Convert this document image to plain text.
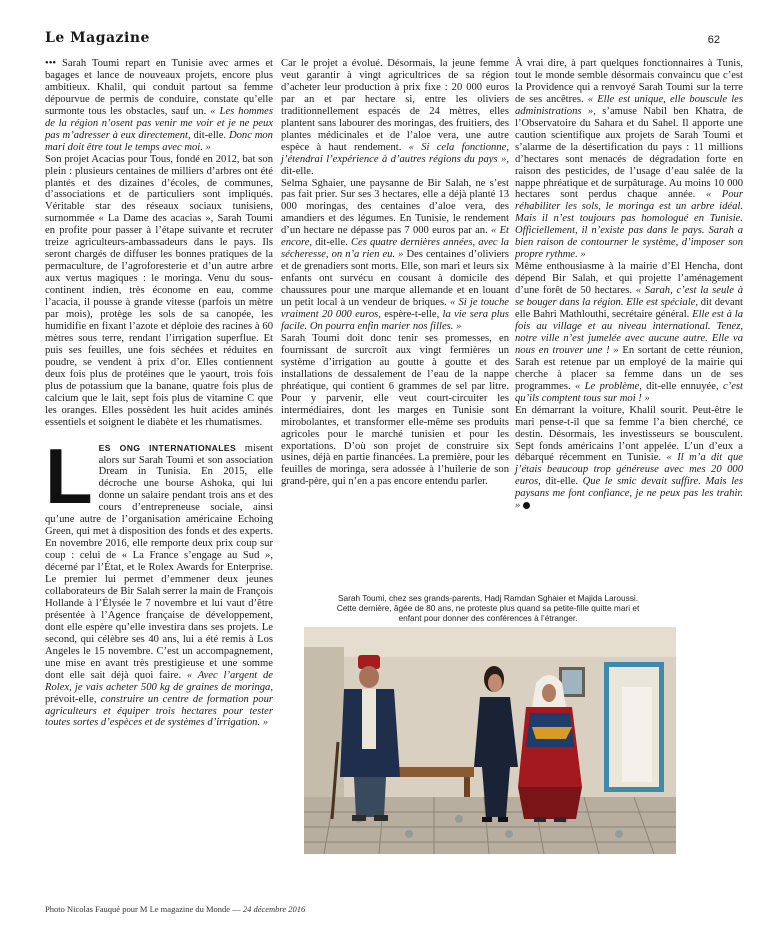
Le Magazine	62

••• Sarah Toumi repart en Tunisie avec armes et bagages et lance de nouveaux projets, encore plus ambitieux. Khalil, qui conduit partout sa femme dépourvue de permis de conduire, constate qu’elle surmonte tous les obstacles, sauf un. « Les hommes de la région n’osent pas venir me voir et je ne peux pas m’adresser à eux directement, dit-elle. Donc mon mari doit être tout le temps avec moi. »

Son projet Acacias pour Tous, fondé en 2012, bat son plein : plusieurs centaines de milliers d’arbres ont été plantés et des dizaines d’écoles, de communes, d’associations et de particuliers sont impliqués. Véritable star des réseaux sociaux tunisiens, surnommée « La Dame des acacias », Sarah Toumi en profite pour passer à l’étape suivante et recruter treize agriculteurs-ambassadeurs dans le pays. Ils seront chargés de diffuser les bonnes pratiques de la permaculture, de l’agroforesterie et d’un autre arbre aux vertus magiques : le moringa. Venu du sous-continent indien, très économe en eau, comme l’acacia, il pousse à grande vitesse (parfois un mètre par mois), protège les sols de sa canopée, les humidifie en fixant l’azote et déploie des racines à 60 mètres sous terre, rendant l’irrigation superflue. Et puis ses feuilles, une fois séchées et réduites en poudre, se vendent à prix d’or. Elles contiennent deux fois plus de protéines que le yaourt, trois fois plus de potassium que la banane, quatre fois plus de calcium que le lait, sept fois plus de vitamine C que les oranges. Elles possèdent les huit acides aminés essentiels et soignent le diabète et les rhumatismes.

L ES ONG INTERNATIONALES misent alors sur Sarah Toumi et son association Dream in Tunisia. En 2015, elle décroche une bourse Ashoka, qui lui donne un salaire pendant trois ans et des cours d’entrepreneuse sociale, ainsi qu’une autre de l’organisation américaine Echoing Green, qui met à disposition des fonds et des experts. En novembre 2016, elle remporte deux prix coup sur coup : celui de « La France s’engage au Sud », décerné par l’État, et le Rolex Awards for Enterprise. Le premier lui permet d’emmener deux jeunes collaborateurs de Bir Salah serrer la main de François Hollande à l’Élysée le 7 novembre et lui vaut d’être présentée à l’Agence française de développement, dont elle espère qu’elle investira dans ses projets. Le second, qui célèbre ses 40 ans, lui a été remis à Los Angeles le 15 novembre. C’est un accompagnement, une mise en avant très prestigieuse et une somme dont elle sait déjà quoi faire. « Avec l’argent de Rolex, je vais acheter 500 kg de graines de moringa, prévoit-elle, construire un centre de formation pour agriculteurs et équiper trois hectares pour tester toutes sortes d’espèces et de systèmes d’irrigation. »

Car le projet a évolué. Désormais, la jeune femme veut garantir à vingt agricultrices de sa région d’acheter leur production à prix fixe : 20 000 euros par an et par hectare si, entre les oliviers traditionnellement espacés de 24 mètres, elles plantent sans labourer des moringas, des fruitiers, des plantes médicinales et de l’aloe vera, une autre espèce à haut rendement. « Si cela fonctionne, j’étendrai l’expérience à d’autres régions du pays », dit-elle.

Selma Sghaier, une paysanne de Bir Salah, ne s’est pas fait prier. Sur ses 3 hectares, elle a déjà planté 13 000 moringas, des centaines d’aloe vera, des amandiers et des légumes. En Tunisie, le rendement d’un hectare ne dépasse pas 7 000 euros par an. « Et encore, dit-elle. Ces quatre dernières années, avec la sécheresse, on n’a rien eu. » Des centaines d’oliviers et de grenadiers sont morts. Elle, son mari et leurs six enfants ont survécu en cousant à domicile des chaussures pour une marque allemande et en louant un petit local à un vendeur de briques. « Si je touche vraiment 20 000 euros, espère-t-elle, la vie sera plus facile. On pourra enfin marier nos filles. »

Sarah Toumi doit donc tenir ses promesses, en fournissant de surcroît aux vingt fermières un système d’irrigation au goutte à goutte et des installations de dessalement de l’eau de la nappe phréatique, qui contient 6 grammes de sel par litre. Pour y parvenir, elle veut court-circuiter les intermédiaires, dont les marges en Tunisie sont mirobolantes, et transformer elle-même ses produits agricoles pour le marché tunisien et pour les exportations. D’où son projet de construire six usines, déjà en partie financées. La première, pour les feuilles de moringa, sera adossée à l’huilerie de son grand-père, qui n’en a pas encore entendu parler.

À vrai dire, à part quelques fonctionnaires à Tunis, tout le monde semble désormais convaincu que c’est la Providence qui a renvoyé Sarah Toumi sur la terre de ses ancêtres. « Elle est unique, elle bouscule les administrations », s’amuse Nabil ben Khatra, de l’Observatoire du Sahara et du Sahel. Il apporte une caution scientifique aux projets de Sarah Toumi et s’alarme de la désertification du pays : 11 millions d’hectares sont menacés de dégradation forte en raison des pesticides, de l’usage d’eau salée de la nappe phréatique et de surpâturage. Au moins 10 000 hectares sont perdus chaque année. « Pour réhabiliter les sols, le moringa est un arbre idéal. Mais il n’est toujours pas homologué en Tunisie. Officiellement, il n’existe pas dans le pays. Sarah a bien raison de contourner le système, d’imposer son propre rythme. »

Même enthousiasme à la mairie d’El Hencha, dont dépend Bir Salah, et qui projette l’aménagement d’une forêt de 50 hectares. « Sarah, c’est la seule à se bouger dans la région. Elle est spéciale, dit devant elle Bahri Mathlouthi, secrétaire général. Elle est à la fois au village et au niveau international. Tenez, notre ville n’est jumelée avec aucune autre. Elle va nous en trouver une ! » En sortant de cette réunion, Sarah est retenue par un employé de la mairie qui cherche à placer sa femme dans un de ses programmes. « Le problème, dit-elle ennuyée, c’est qu’ils comptent tous sur moi ! »

En démarrant la voiture, Khalil sourit. Peut-être le mari pense-t-il que sa femme l’a bien cherché, ce destin. Désormais, les investisseurs se bousculent. Sept fonds américains l’ont appelée. L’un d’eux a débarqué récemment en Tunisie. « Il m’a dit que j’étais beaucoup trop généreuse avec mes 20 000 euros, dit-elle. Que le smic devait suffire. Mais les paysans me font confiance, je ne peux pas les trahir. »

Sarah Toumi, chez ses grands-parents, Hadj Ramdan Sghaier et Majida Laroussi. Cette dernière, âgée de 80 ans, ne proteste plus quand sa petite-fille quitte mari et enfant pour donner des conférences à l’étranger.
Photo Nicolas Fauqué pour M Le magazine du Monde — 24 décembre 2016
